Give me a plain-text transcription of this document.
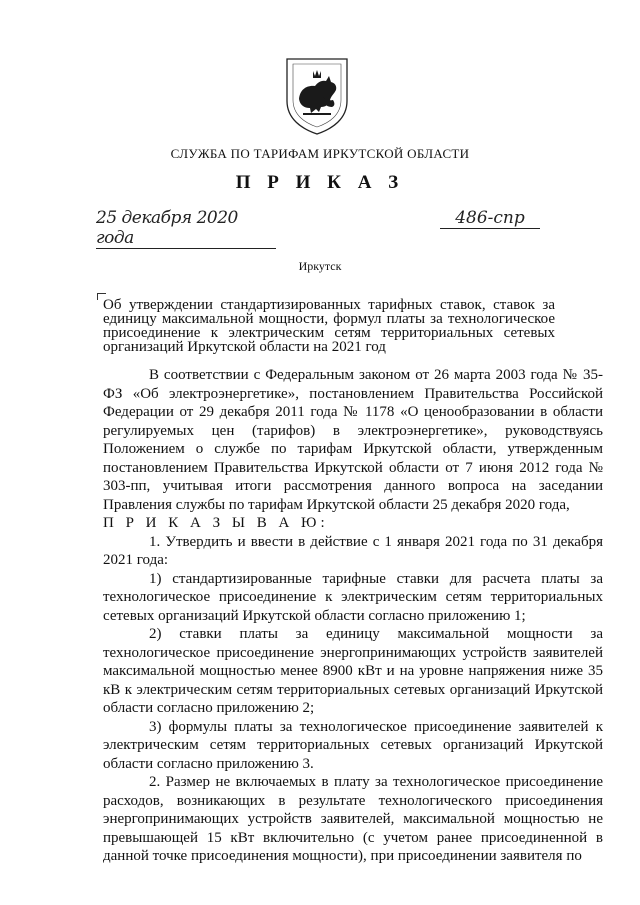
СЛУЖБА ПО ТАРИФАМ ИРКУТСКОЙ ОБЛАСТИ
П Р И К А З
25 декабря 2020 года
486-спр
Иркутск
Об утверждении стандартизированных тарифных ставок, ставок за единицу максимальной мощности, формул платы за технологическое присоединение к электрическим сетям территориальных сетевых организаций Иркутской области на 2021 год

В соответствии с Федеральным законом от 26 марта 2003 года № 35-ФЗ «Об электроэнергетике», постановлением Правительства Российской Федерации от 29 декабря 2011 года № 1178 «О ценообразовании в области регулируемых цен (тарифов) в электроэнергетике», руководствуясь Положением о службе по тарифам Иркутской области, утвержденным постановлением Правительства Иркутской области от 7 июня 2012 года № 303-пп, учитывая итоги рассмотрения данного вопроса на заседании Правления службы по тарифам Иркутской области 25 декабря 2020 года,

П Р И К А З Ы В А Ю:

1. Утвердить и ввести в действие с 1 января 2021 года по 31 декабря 2021 года:

1) стандартизированные тарифные ставки для расчета платы за технологическое присоединение к электрическим сетям территориальных сетевых организаций Иркутской области согласно приложению 1;

2) ставки платы за единицу максимальной мощности за технологическое присоединение энергопринимающих устройств заявителей максимальной мощностью менее 8900 кВт и на уровне напряжения ниже 35 кВ к электрическим сетям территориальных сетевых организаций Иркутской области согласно приложению 2;

3) формулы платы за технологическое присоединение заявителей к электрическим сетям территориальных сетевых организаций Иркутской области согласно приложению 3.

2. Размер не включаемых в плату за технологическое присоединение расходов, возникающих в результате технологического присоединения энергопринимающих устройств заявителей, максимальной мощностью не превышающей 15 кВт включительно (с учетом ранее присоединенной в данной точке присоединения мощности), при присоединении заявителя по
